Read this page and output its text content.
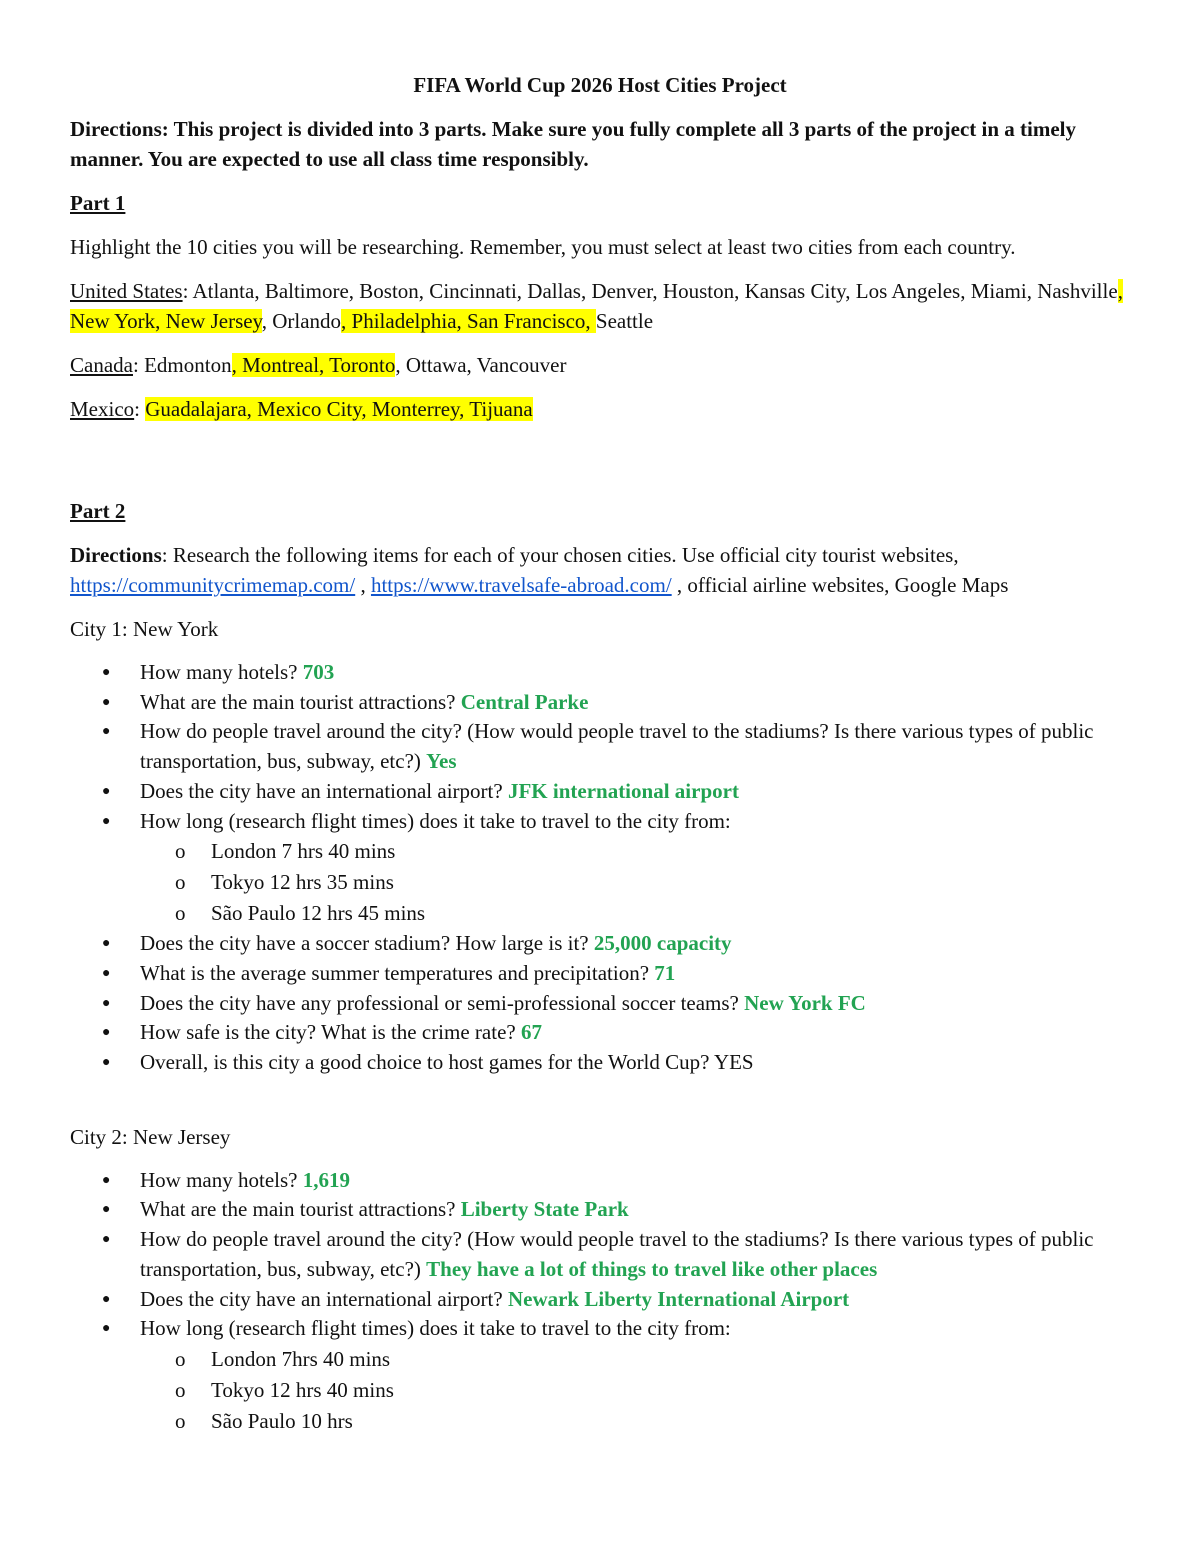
FIFA World Cup 2026 Host Cities Project

Directions: This project is divided into 3 parts. Make sure you fully complete all 3 parts of the project in a timely manner. You are expected to use all class time responsibly.

Part 1

Highlight the 10 cities you will be researching. Remember, you must select at least two cities from each country.

United States: Atlanta, Baltimore, Boston, Cincinnati, Dallas, Denver, Houston, Kansas City, Los Angeles, Miami, Nashville, New York, New Jersey, Orlando, Philadelphia, San Francisco, Seattle

Canada: Edmonton, Montreal, Toronto, Ottawa, Vancouver

Mexico: Guadalajara, Mexico City, Monterrey, Tijuana

Part 2

Directions: Research the following items for each of your chosen cities. Use official city tourist websites, https://communitycrimemap.com/ , https://www.travelsafe-abroad.com/ , official airline websites, Google Maps

City 1: New York

● How many hotels? 703
● What are the main tourist attractions? Central Parke
● How do people travel around the city? (How would people travel to the stadiums? Is there various types of public transportation, bus, subway, etc?) Yes
● Does the city have an international airport? JFK international airport
● How long (research flight times) does it take to travel to the city from:
o London 7 hrs 40 mins
o Tokyo 12 hrs 35 mins
o São Paulo 12 hrs 45 mins
● Does the city have a soccer stadium? How large is it? 25,000 capacity
● What is the average summer temperatures and precipitation? 71
● Does the city have any professional or semi-professional soccer teams? New York FC
● How safe is the city? What is the crime rate? 67
● Overall, is this city a good choice to host games for the World Cup? YES

City 2: New Jersey

● How many hotels? 1,619
● What are the main tourist attractions? Liberty State Park
● How do people travel around the city? (How would people travel to the stadiums? Is there various types of public transportation, bus, subway, etc?) They have a lot of things to travel like other places
● Does the city have an international airport? Newark Liberty International Airport
● How long (research flight times) does it take to travel to the city from:
o London 7hrs 40 mins
o Tokyo 12 hrs 40 mins
o São Paulo 10 hrs
